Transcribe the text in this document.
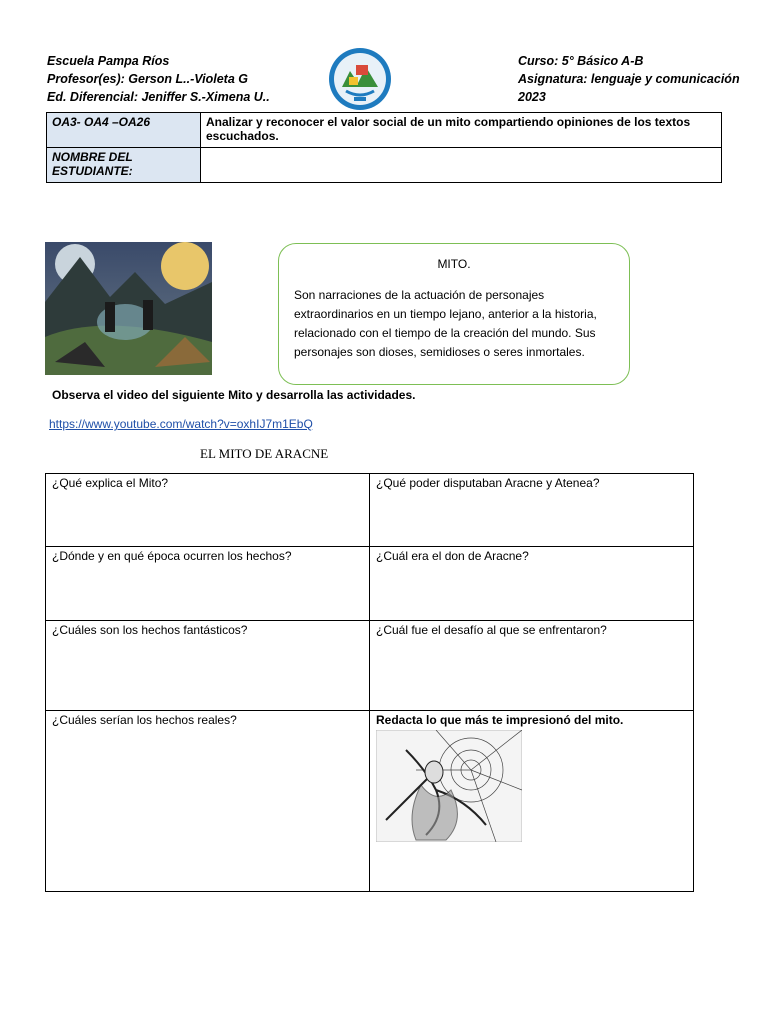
Escuela Pampa Ríos
Profesor(es): Gerson L..-Violeta G
Ed. Diferencial: Jeniffer S.-Ximena U..
Curso: 5° Básico A-B
Asignatura: lenguaje y comunicación
2023
OA3- OA4 –OA26	Analizar y reconocer el valor social de un mito compartiendo opiniones de los textos
escuchados.
NOMBRE DEL ESTUDIANTE:	
MITO.
Son narraciones de la actuación de personajes extraordinarios en un tiempo lejano, anterior a la historia, relacionado con el tiempo de la creación del mundo. Sus personajes son dioses, semidioses o seres inmortales.
Observa el video del siguiente Mito y desarrolla las actividades.
https://www.youtube.com/watch?v=oxhIJ7m1EbQ
EL MITO DE ARACNE
¿Qué explica el Mito?	¿Qué poder disputaban Aracne y Atenea?
¿Dónde y en qué época ocurren los hechos?	¿Cuál era el don de Aracne?
¿Cuáles son los hechos fantásticos?	¿Cuál fue el desafío al que se enfrentaron?
¿Cuáles serían los hechos reales?	Redacta lo que más te impresionó del mito.
